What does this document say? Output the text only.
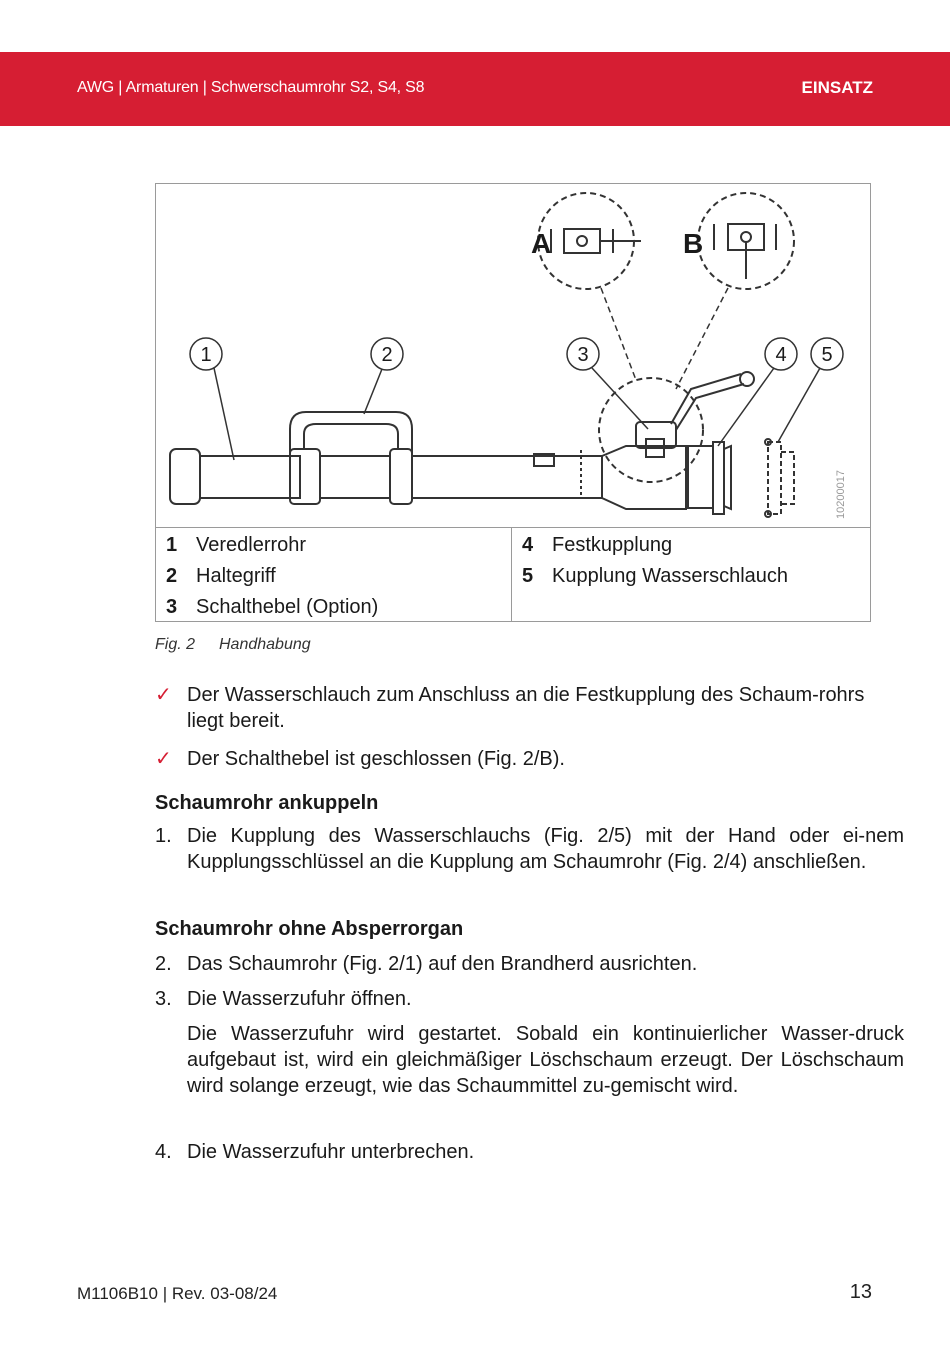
AWG | Armaturen | Schwerschaumrohr S2, S4, S8	EINSATZ
A	B
1	2	3	4 5
10200017
1 Veredlerrohr
2 Haltegriff
3 Schalthebel (Option)
4 Festkupplung
5 Kupplung Wasserschlauch
Fig. 2 Handhabung
✓ Der Wasserschlauch zum Anschluss an die Festkupplung des Schaum-rohrs liegt bereit.
✓ Der Schalthebel ist geschlossen (Fig. 2/B).
Schaumrohr ankuppeln
1. Die Kupplung des Wasserschlauchs (Fig. 2/5) mit der Hand oder ei-nem Kupplungsschlüssel an die Kupplung am Schaumrohr (Fig. 2/4) anschließen.
Schaumrohr ohne Absperrorgan
2. Das Schaumrohr (Fig. 2/1) auf den Brandherd ausrichten.
3. Die Wasserzufuhr öffnen.
Die Wasserzufuhr wird gestartet. Sobald ein kontinuierlicher Wasser-druck aufgebaut ist, wird ein gleichmäßiger Löschschaum erzeugt. Der Löschschaum wird solange erzeugt, wie das Schaummittel zu-gemischt wird.
4. Die Wasserzufuhr unterbrechen.
M1106B10 | Rev. 03-08/24	13
